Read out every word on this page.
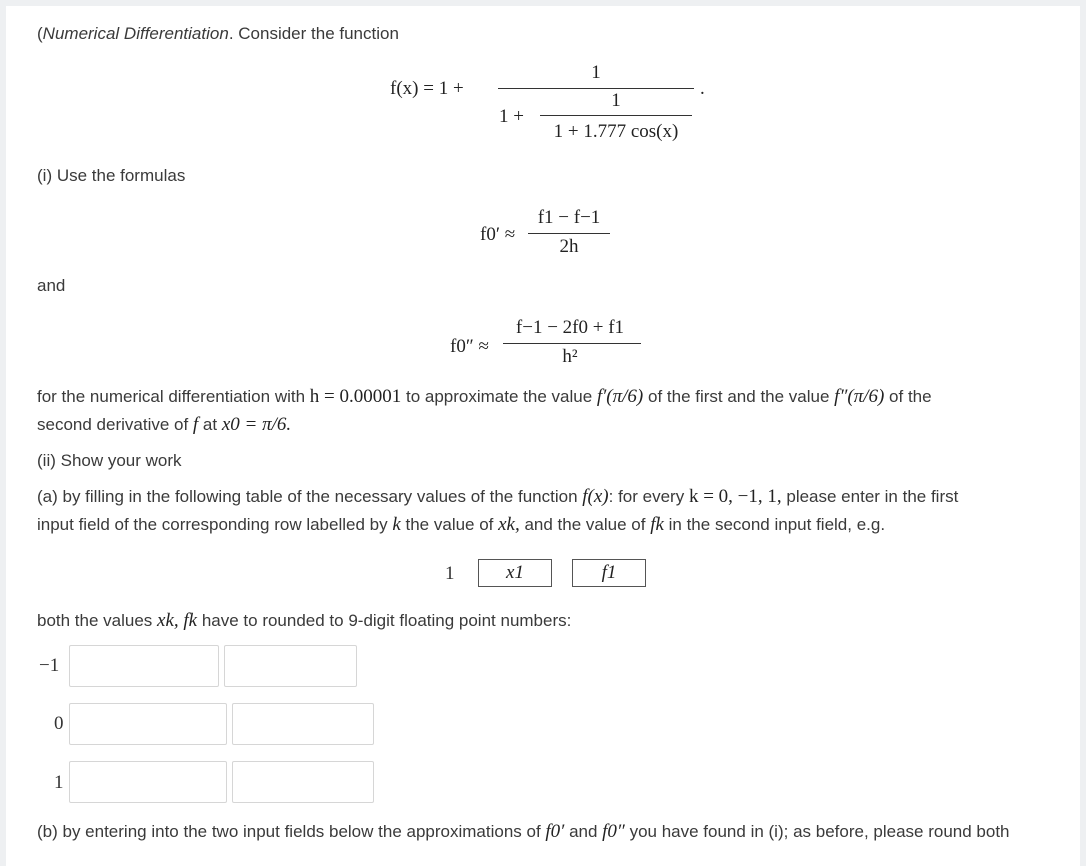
(Numerical Differentiation. Consider the function
f(x) = 1 +
1
1 +
1
1 + 1.777 cos(x)
.
(i) Use the formulas
f0′ ≈
f1 − f−1
2h
and
f0″ ≈
f−1 − 2f0 + f1
h²
for the numerical differentiation with h = 0.00001 to approximate the value f′(π/6) of the first and the value f″(π/6) of the
second derivative of f at x0 = π/6.
(ii) Show your work
(a) by filling in the following table of the necessary values of the function f(x): for every k = 0, −1, 1, please enter in the first
input field of the corresponding row labelled by k the value of xk, and the value of fk in the second input field, e.g.
1	x1	f1
both the values xk, fk have to rounded to 9-digit floating point numbers:
−1
0
1
(b) by entering into the two input fields below the approximations of f0′ and f0″ you have found in (i); as before, please round both
